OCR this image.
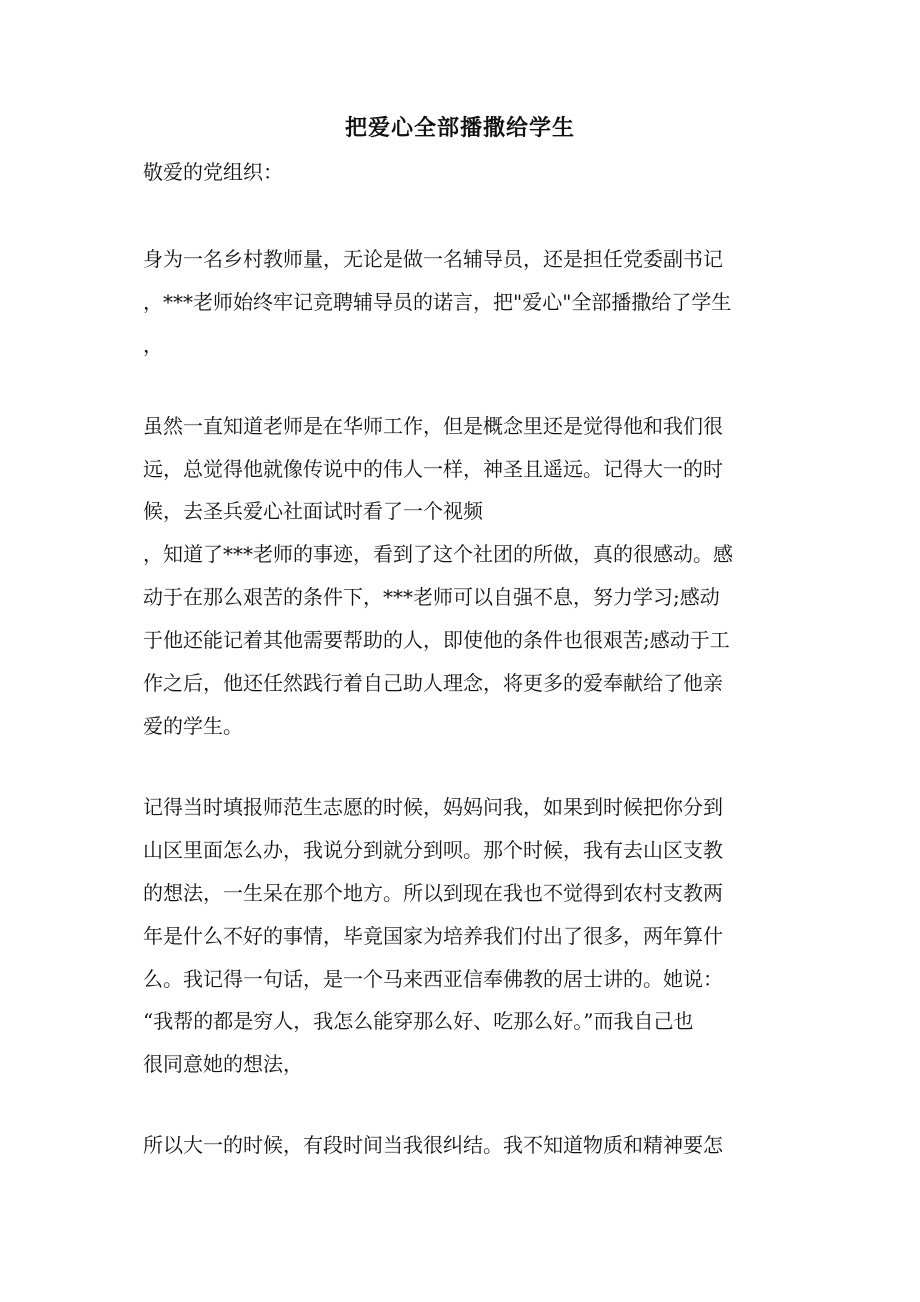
把爱心全部播撒给学生
敬爱的党组织：
身为一名乡村教师量，无论是做一名辅导员，还是担任党委副书记
，***老师始终牢记竞聘辅导员的诺言，把"爱心"全部播撒给了学生
，
虽然一直知道老师是在华师工作，但是概念里还是觉得他和我们很
远，总觉得他就像传说中的伟人一样，神圣且遥远。记得大一的时
候，去圣兵爱心社面试时看了一个视频
，知道了***老师的事迹，看到了这个社团的所做，真的很感动。感
动于在那么艰苦的条件下，***老师可以自强不息，努力学习;感动
于他还能记着其他需要帮助的人，即使他的条件也很艰苦;感动于工
作之后，他还任然践行着自己助人理念，将更多的爱奉献给了他亲
爱的学生。
记得当时填报师范生志愿的时候，妈妈问我，如果到时候把你分到
山区里面怎么办，我说分到就分到呗。那个时候，我有去山区支教
的想法，一生呆在那个地方。所以到现在我也不觉得到农村支教两
年是什么不好的事情，毕竟国家为培养我们付出了很多，两年算什
么。我记得一句话，是一个马来西亚信奉佛教的居士讲的。她说：
“我帮的都是穷人，我怎么能穿那么好、吃那么好。”而我自己也
很同意她的想法，
所以大一的时候，有段时间当我很纠结。我不知道物质和精神要怎
